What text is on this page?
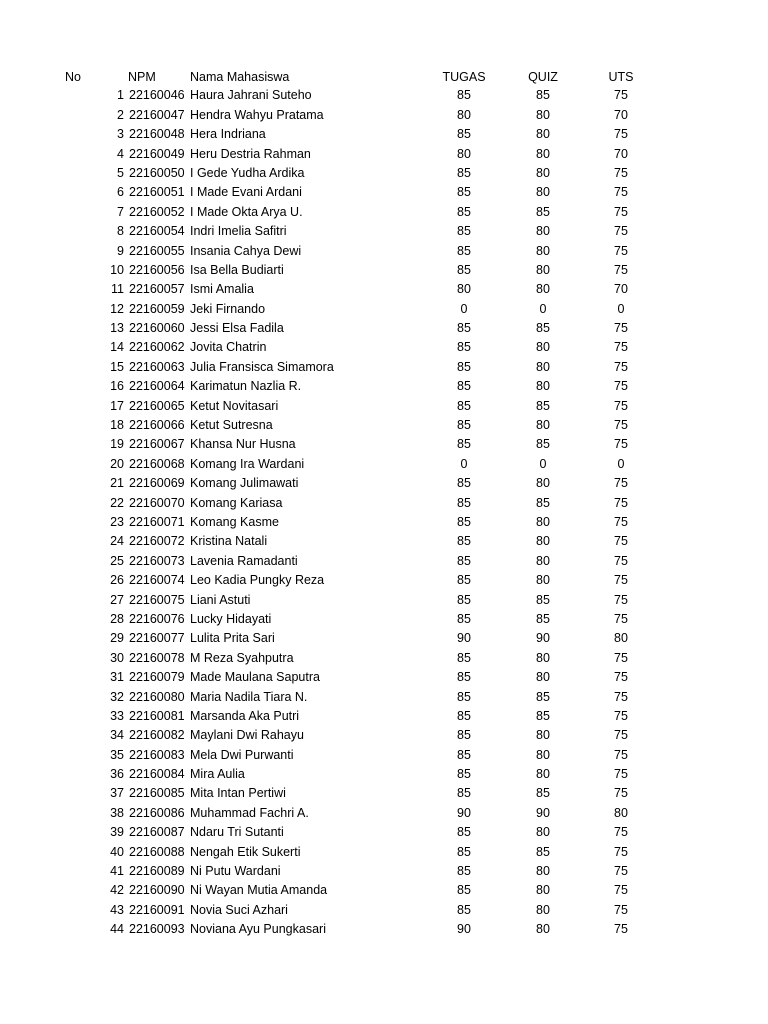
No	NPM	Nama Mahasiswa	TUGAS	QUIZ	UTS
1 22160046 Haura Jahrani Suteho	85	85	75
2 22160047 Hendra Wahyu Pratama	80	80	70
3 22160048 Hera Indriana	85	80	75
4 22160049 Heru Destria Rahman	80	80	70
5 22160050 I Gede Yudha Ardika	85	80	75
6 22160051 I Made Evani Ardani	85	80	75
7 22160052 I Made Okta Arya U.	85	85	75
8 22160054 Indri Imelia Safitri	85	80	75
9 22160055 Insania Cahya Dewi	85	80	75
10 22160056 Isa Bella Budiarti	85	80	75
11 22160057 Ismi Amalia	80	80	70
12 22160059 Jeki Firnando	0	0	0
13 22160060 Jessi Elsa Fadila	85	85	75
14 22160062 Jovita Chatrin	85	80	75
15 22160063 Julia Fransisca Simamora	85	80	75
16 22160064 Karimatun Nazlia R.	85	80	75
17 22160065 Ketut Novitasari	85	85	75
18 22160066 Ketut Sutresna	85	80	75
19 22160067 Khansa Nur Husna	85	85	75
20 22160068 Komang Ira Wardani	0	0	0
21 22160069 Komang Julimawati	85	80	75
22 22160070 Komang Kariasa	85	85	75
23 22160071 Komang Kasme	85	80	75
24 22160072 Kristina Natali	85	80	75
25 22160073 Lavenia Ramadanti	85	80	75
26 22160074 Leo Kadia Pungky Reza	85	80	75
27 22160075 Liani Astuti	85	85	75
28 22160076 Lucky Hidayati	85	85	75
29 22160077 Lulita Prita Sari	90	90	80
30 22160078 M Reza Syahputra	85	80	75
31 22160079 Made Maulana Saputra	85	80	75
32 22160080 Maria Nadila Tiara N.	85	85	75
33 22160081 Marsanda Aka Putri	85	85	75
34 22160082 Maylani Dwi Rahayu	85	80	75
35 22160083 Mela Dwi Purwanti	85	80	75
36 22160084 Mira Aulia	85	80	75
37 22160085 Mita Intan Pertiwi	85	85	75
38 22160086 Muhammad Fachri A.	90	90	80
39 22160087 Ndaru Tri Sutanti	85	80	75
40 22160088 Nengah Etik Sukerti	85	85	75
41 22160089 Ni Putu Wardani	85	80	75
42 22160090 Ni Wayan Mutia Amanda	85	80	75
43 22160091 Novia Suci Azhari	85	80	75
44 22160093 Noviana Ayu Pungkasari	90	80	75
